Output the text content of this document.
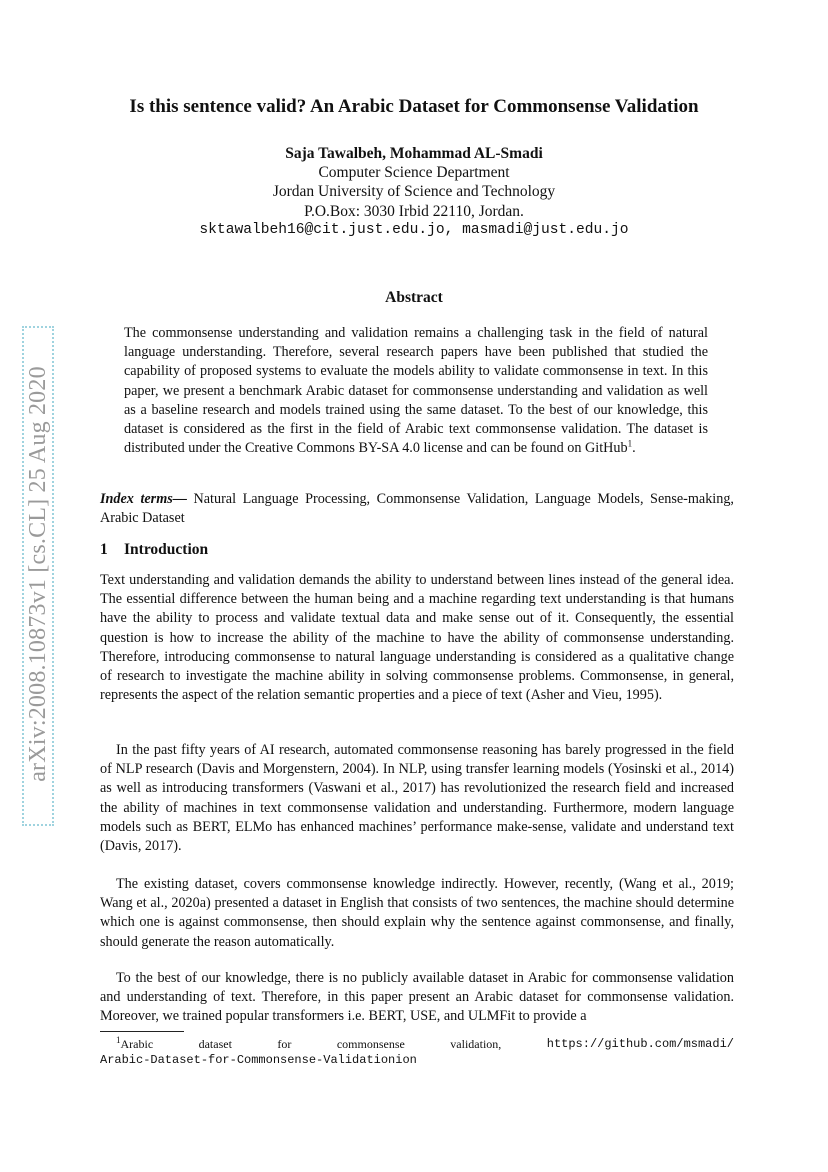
arXiv:2008.10873v1 [cs.CL] 25 Aug 2020
Is this sentence valid? An Arabic Dataset for Commonsense Validation
Saja Tawalbeh, Mohammad AL-Smadi
Computer Science Department
Jordan University of Science and Technology
P.O.Box: 3030 Irbid 22110, Jordan.
sktawalbeh16@cit.just.edu.jo, masmadi@just.edu.jo
Abstract
The commonsense understanding and validation remains a challenging task in the field of natural language understanding. Therefore, several research papers have been published that studied the capability of proposed systems to evaluate the models ability to validate commonsense in text. In this paper, we present a benchmark Arabic dataset for commonsense understanding and validation as well as a baseline research and models trained using the same dataset. To the best of our knowledge, this dataset is considered as the first in the field of Arabic text commonsense validation. The dataset is distributed under the Creative Commons BY-SA 4.0 license and can be found on GitHub$^1$.
Index terms— Natural Language Processing, Commonsense Validation, Language Models, Sense-making, Arabic Dataset
1 Introduction
Text understanding and validation demands the ability to understand between lines instead of the general idea. The essential difference between the human being and a machine regarding text understanding is that humans have the ability to process and validate textual data and make sense out of it. Consequently, the essential question is how to increase the ability of the machine to have the ability of commonsense understanding. Therefore, introducing commonsense to natural language understanding is considered as a qualitative change of research to investigate the machine ability in solving commonsense problems. Commonsense, in general, represents the aspect of the relation semantic properties and a piece of text (Asher and Vieu, 1995).
In the past fifty years of AI research, automated commonsense reasoning has barely progressed in the field of NLP research (Davis and Morgenstern, 2004). In NLP, using transfer learning models (Yosinski et al., 2014) as well as introducing transformers (Vaswani et al., 2017) has revolutionized the research field and increased the ability of machines in text commonsense validation and understanding. Furthermore, modern language models such as BERT, ELMo has enhanced machines’ performance make-sense, validate and understand text (Davis, 2017).
The existing dataset, covers commonsense knowledge indirectly. However, recently, (Wang et al., 2019; Wang et al., 2020a) presented a dataset in English that consists of two sentences, the machine should determine which one is against commonsense, then should explain why the sentence against commonsense, and finally, should generate the reason automatically.
To the best of our knowledge, there is no publicly available dataset in Arabic for commonsense validation and understanding of text. Therefore, in this paper present an Arabic dataset for commonsense validation. Moreover, we trained popular transformers i.e. BERT, USE, and ULMFit to provide a
$^1$Arabic	dataset	for	commonsense	validation,	https://github.com/msmadi/
Arabic-Dataset-for-Commonsense-Validationion
